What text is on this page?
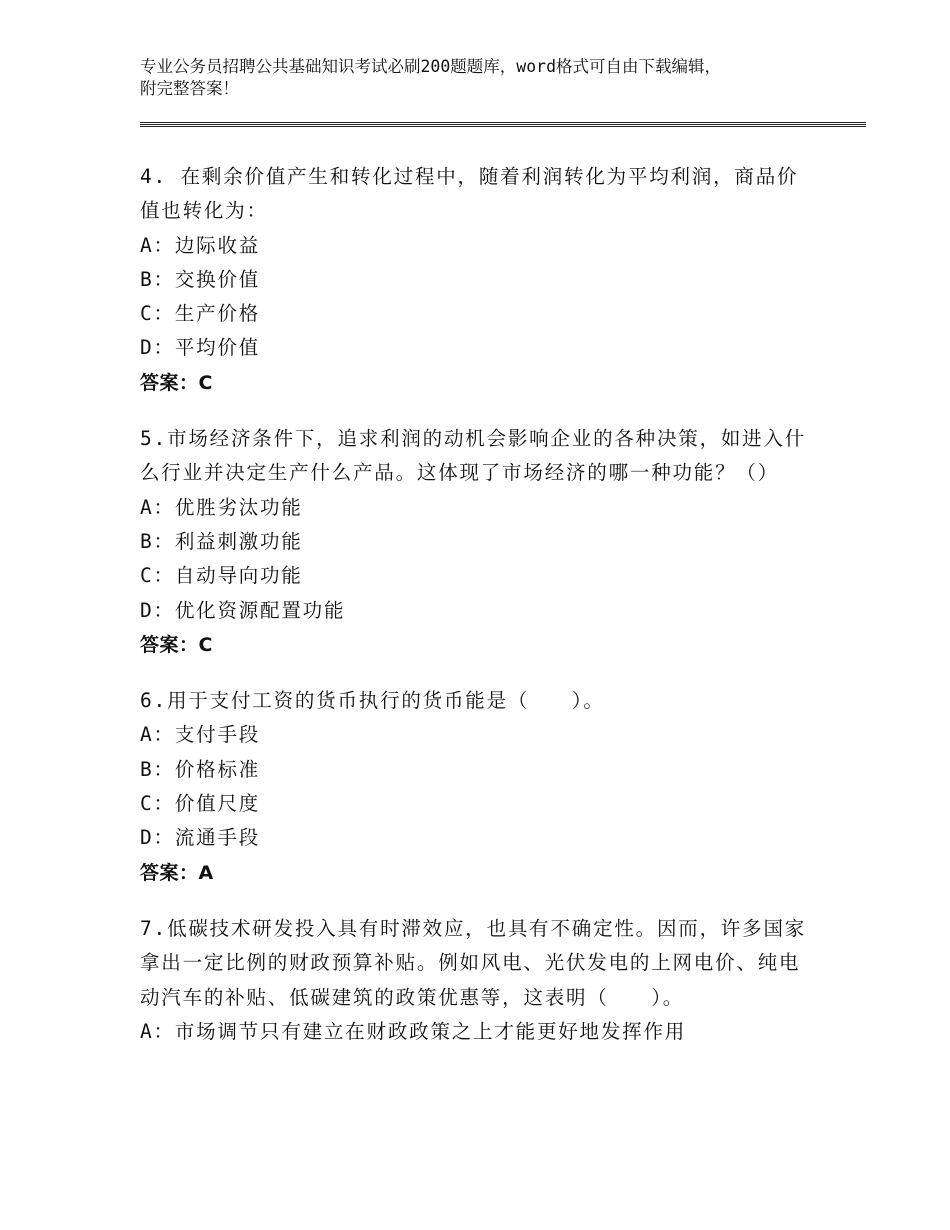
专业公务员招聘公共基础知识考试必刷200题题库，word格式可自由下载编辑，
附完整答案！

4. 在剩余价值产生和转化过程中，随着利润转化为平均利润，商品价值也转化为：

A：边际收益

B：交换价值

C：生产价格

D：平均价值

答案：C

5.市场经济条件下，追求利润的动机会影响企业的各种决策，如进入什么行业并决定生产什么产品。这体现了市场经济的哪一种功能？（）

A：优胜劣汰功能

B：利益刺激功能

C：自动导向功能

D：优化资源配置功能

答案：C

6.用于支付工资的货币执行的货币能是（　　）。

A：支付手段

B：价格标准

C：价值尺度

D：流通手段

答案：A

7.低碳技术研发投入具有时滞效应，也具有不确定性。因而，许多国家拿出一定比例的财政预算补贴。例如风电、光伏发电的上网电价、纯电动汽车的补贴、低碳建筑的政策优惠等，这表明（　　）。

A：市场调节只有建立在财政政策之上才能更好地发挥作用
